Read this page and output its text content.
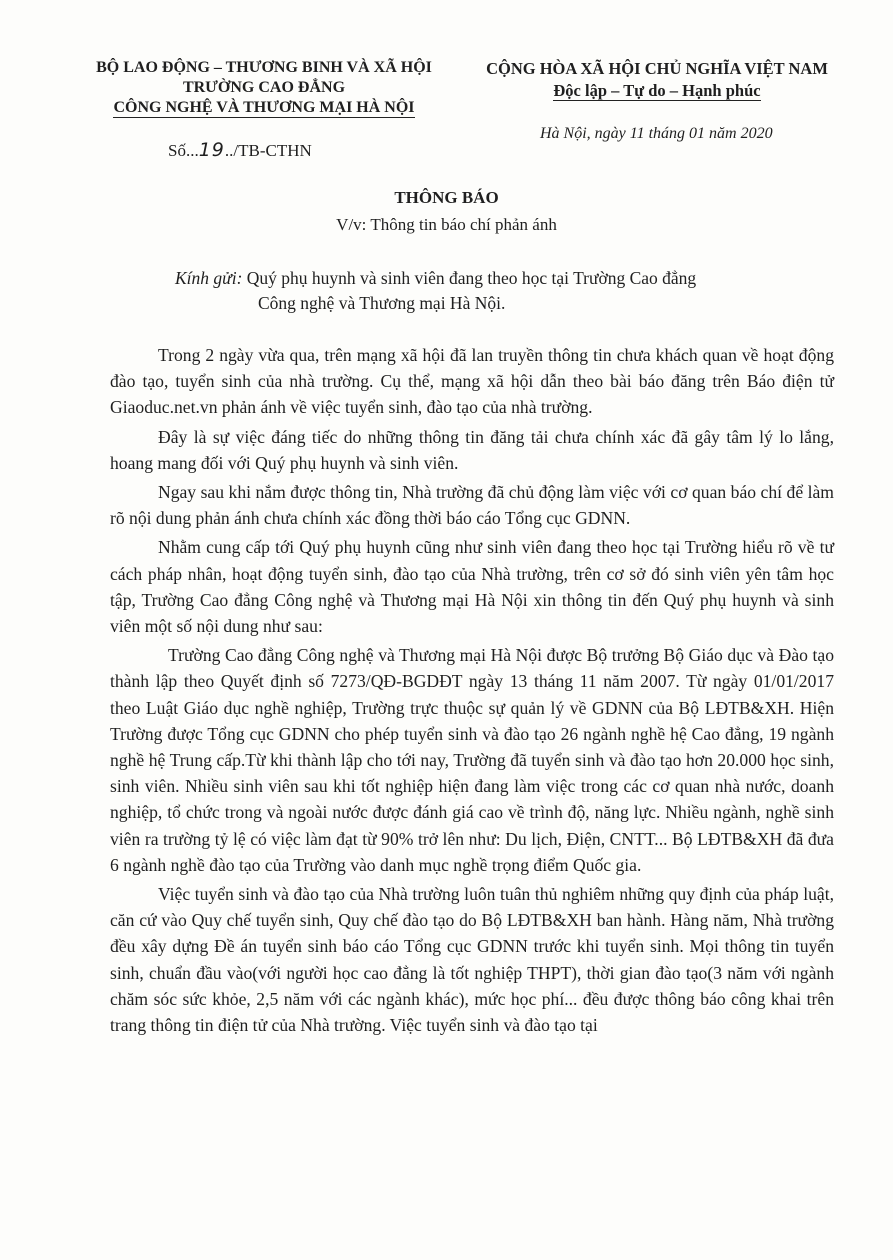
BỘ LAO ĐỘNG – THƯƠNG BINH VÀ XÃ HỘI
TRƯỜNG CAO ĐẲNG
CÔNG NGHỆ VÀ THƯƠNG MẠI HÀ NỘI
CỘNG HÒA XÃ HỘI CHỦ NGHĨA VIỆT NAM
Độc lập – Tự do – Hạnh phúc
Hà Nội, ngày 11 tháng 01 năm 2020
Số...19../TB-CTHN
THÔNG BÁO
V/v: Thông tin báo chí phản ánh
Kính gửi: Quý phụ huynh và sinh viên đang theo học tại Trường Cao đẳng
Công nghệ và Thương mại Hà Nội.

Trong 2 ngày vừa qua, trên mạng xã hội đã lan truyền thông tin chưa khách quan về hoạt động đào tạo, tuyển sinh của nhà trường. Cụ thể, mạng xã hội dẫn theo bài báo đăng trên Báo điện tử Giaoduc.net.vn phản ánh về việc tuyển sinh, đào tạo của nhà trường.

Đây là sự việc đáng tiếc do những thông tin đăng tải chưa chính xác đã gây tâm lý lo lắng, hoang mang đối với Quý phụ huynh và sinh viên.

Ngay sau khi nắm được thông tin, Nhà trường đã chủ động làm việc với cơ quan báo chí để làm rõ nội dung phản ánh chưa chính xác đồng thời báo cáo Tổng cục GDNN.

Nhằm cung cấp tới Quý phụ huynh cũng như sinh viên đang theo học tại Trường hiểu rõ về tư cách pháp nhân, hoạt động tuyển sinh, đào tạo của Nhà trường, trên cơ sở đó sinh viên yên tâm học tập, Trường Cao đẳng Công nghệ và Thương mại Hà Nội xin thông tin đến Quý phụ huynh và sinh viên một số nội dung như sau:

Trường Cao đẳng Công nghệ và Thương mại Hà Nội được Bộ trưởng Bộ Giáo dục và Đào tạo thành lập theo Quyết định số 7273/QĐ-BGDĐT ngày 13 tháng 11 năm 2007. Từ ngày 01/01/2017 theo Luật Giáo dục nghề nghiệp, Trường trực thuộc sự quản lý về GDNN của Bộ LĐTB&XH. Hiện Trường được Tổng cục GDNN cho phép tuyển sinh và đào tạo 26 ngành nghề hệ Cao đẳng, 19 ngành nghề hệ Trung cấp.Từ khi thành lập cho tới nay, Trường đã tuyển sinh và đào tạo hơn 20.000 học sinh, sinh viên. Nhiều sinh viên sau khi tốt nghiệp hiện đang làm việc trong các cơ quan nhà nước, doanh nghiệp, tổ chức trong và ngoài nước được đánh giá cao về trình độ, năng lực. Nhiều ngành, nghề sinh viên ra trường tỷ lệ có việc làm đạt từ 90% trở lên như: Du lịch, Điện, CNTT... Bộ LĐTB&XH đã đưa 6 ngành nghề đào tạo của Trường vào danh mục nghề trọng điểm Quốc gia.

Việc tuyển sinh và đào tạo của Nhà trường luôn tuân thủ nghiêm những quy định của pháp luật, căn cứ vào Quy chế tuyển sinh, Quy chế đào tạo do Bộ LĐTB&XH ban hành. Hàng năm, Nhà trường đều xây dựng Đề án tuyển sinh báo cáo Tổng cục GDNN trước khi tuyển sinh. Mọi thông tin tuyển sinh, chuẩn đầu vào(với người học cao đẳng là tốt nghiệp THPT), thời gian đào tạo(3 năm với ngành chăm sóc sức khỏe, 2,5 năm với các ngành khác), mức học phí... đều được thông báo công khai trên trang thông tin điện tử của Nhà trường. Việc tuyển sinh và đào tạo tại
